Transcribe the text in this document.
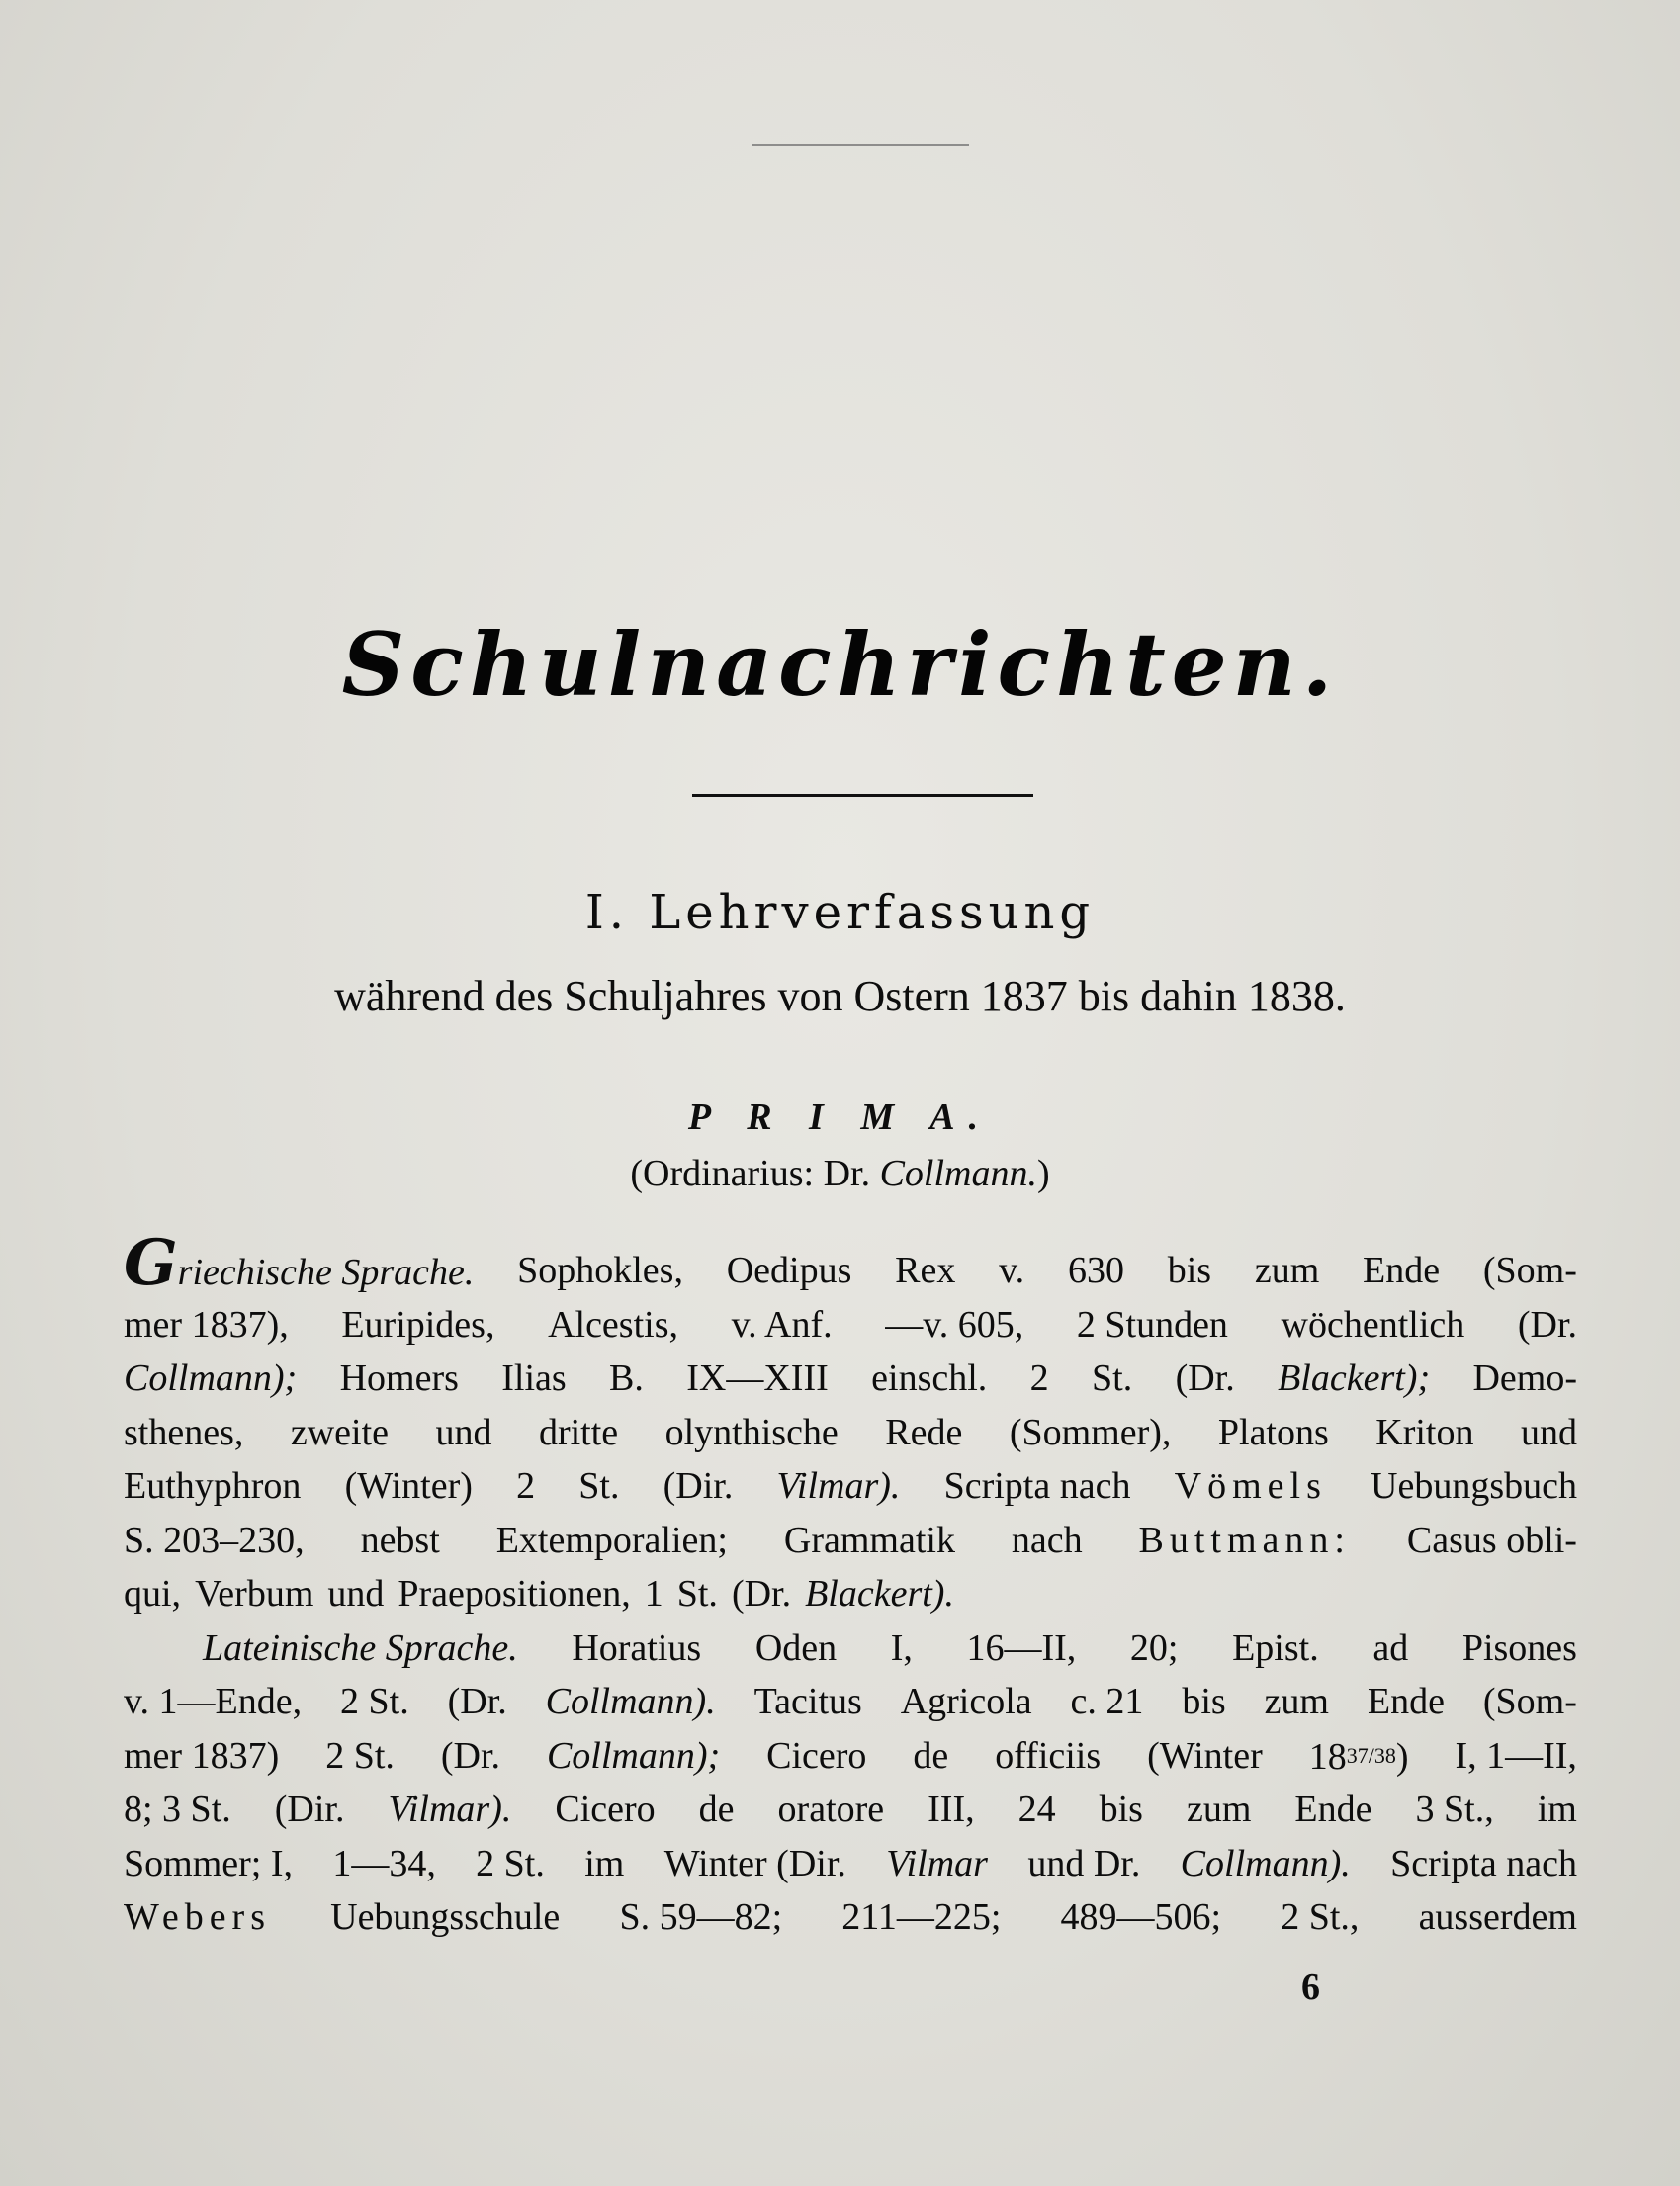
Schulnachrichten.
I. Lehrverfassung
während des Schuljahres von Ostern 1837 bis dahin 1838.
P R I M A.
(Ordinarius: Dr. Collmann.)
Griechische Sprache. Sophokles, Oedipus Rex v. 630 bis zum Ende (Som-
mer 1837), Euripides, Alcestis, v. Anf. —v. 605, 2 Stunden wöchentlich (Dr.
Collmann); Homers Ilias B. IX—XIII einschl. 2 St. (Dr. Blackert); Demo-
sthenes, zweite und dritte olynthische Rede (Sommer), Platons Kriton und
Euthyphron (Winter) 2 St. (Dir. Vilmar). Scripta nach Vömels Uebungsbuch
S. 203–230, nebst Extemporalien; Grammatik nach Buttmann: Casus obli-
qui, Verbum und Praepositionen, 1 St. (Dr. Blackert).
Lateinische Sprache. Horatius Oden I, 16—II, 20; Epist. ad Pisones
v. 1—Ende, 2 St. (Dr. Collmann). Tacitus Agricola c. 21 bis zum Ende (Som-
mer 1837) 2 St. (Dr. Collmann); Cicero de officiis (Winter 1837/38) I, 1—II,
8; 3 St. (Dir. Vilmar). Cicero de oratore III, 24 bis zum Ende 3 St., im
Sommer; I, 1—34, 2 St. im Winter (Dir. Vilmar und Dr. Collmann). Scripta nach
Webers Uebungsschule S. 59—82; 211—225; 489—506; 2 St., ausserdem
6
